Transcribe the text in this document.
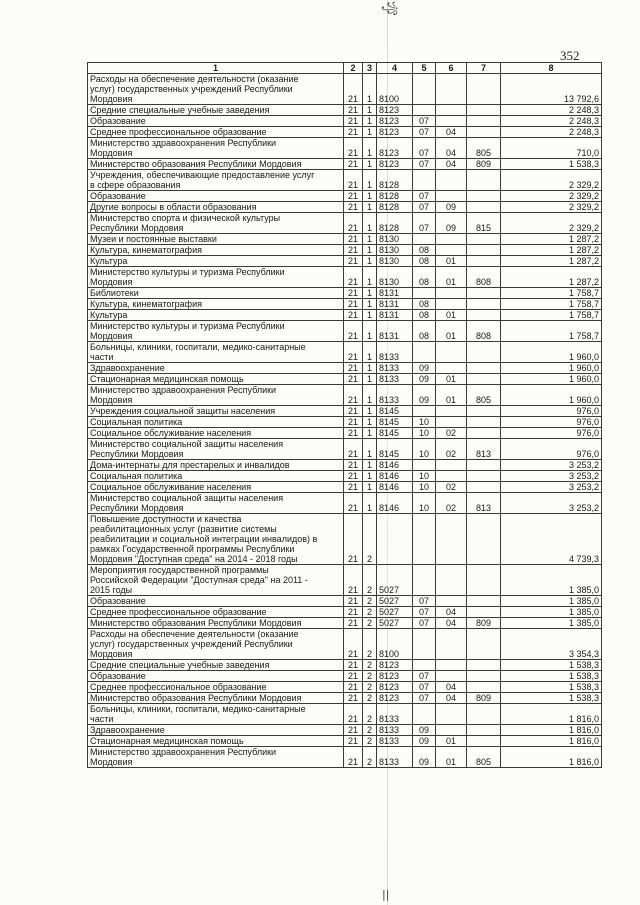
꧁
352
1	2	3	4	5	6	7	8
Расходы на обеспечение деятельности (оказание
услуг) государственных учреждений Республики
Мордовия	21	1	8100				13 792,6
Средние специальные учебные заведения	21	1	8123				2 248,3
Образование	21	1	8123	07			2 248,3
Среднее профессиональное образование	21	1	8123	07	04		2 248,3
Министерство здравоохранения Республики
Мордовия	21	1	8123	07	04	805	710,0
Министерство образования Республики Мордовия	21	1	8123	07	04	809	1 538,3
Учреждения, обеспечивающие предоставление услуг
в сфере образования	21	1	8128				2 329,2
Образование	21	1	8128	07			2 329,2
Другие вопросы в области образования	21	1	8128	07	09		2 329,2
Министерство спорта и физической культуры
Республики Мордовия	21	1	8128	07	09	815	2 329,2
Музеи и постоянные выставки	21	1	8130				1 287,2
Культура, кинематография	21	1	8130	08			1 287,2
Культура	21	1	8130	08	01		1 287,2
Министерство культуры и туризма Республики
Мордовия	21	1	8130	08	01	808	1 287,2
Библиотеки	21	1	8131				1 758,7
Культура, кинематография	21	1	8131	08			1 758,7
Культура	21	1	8131	08	01		1 758,7
Министерство культуры и туризма Республики
Мордовия	21	1	8131	08	01	808	1 758,7
Больницы, клиники, госпитали, медико-санитарные
части	21	1	8133				1 960,0
Здравоохранение	21	1	8133	09			1 960,0
Стационарная медицинская помощь	21	1	8133	09	01		1 960,0
Министерство здравоохранения Республики
Мордовия	21	1	8133	09	01	805	1 960,0
Учреждения социальной защиты населения	21	1	8145				976,0
Социальная политика	21	1	8145	10			976,0
Социальное обслуживание населения	21	1	8145	10	02		976,0
Министерство социальной защиты населения
Республики Мордовия	21	1	8145	10	02	813	976,0
Дома-интернаты для престарелых и инвалидов	21	1	8146				3 253,2
Социальная политика	21	1	8146	10			3 253,2
Социальное обслуживание населения	21	1	8146	10	02		3 253,2
Министерство социальной защиты населения
Республики Мордовия	21	1	8146	10	02	813	3 253,2
Повышение доступности и качества
реабилитационных услуг (развитие системы
реабилитации и социальной интеграции инвалидов) в
рамках Государственной программы Республики
Мордовия "Доступная среда" на 2014 - 2018 годы	21	2					4 739,3
Мероприятия государственной программы
Российской Федерации "Доступная среда" на 2011 -
2015 годы	21	2	5027				1 385,0
Образование	21	2	5027	07			1 385,0
Среднее профессиональное образование	21	2	5027	07	04		1 385,0
Министерство образования Республики Мордовия	21	2	5027	07	04	809	1 385,0
Расходы на обеспечение деятельности (оказание
услуг) государственных учреждений Республики
Мордовия	21	2	8100				3 354,3
Средние специальные учебные заведения	21	2	8123				1 538,3
Образование	21	2	8123	07			1 538,3
Среднее профессиональное образование	21	2	8123	07	04		1 538,3
Министерство образования Республики Мордовия	21	2	8123	07	04	809	1 538,3
Больницы, клиники, госпитали, медико-санитарные
части	21	2	8133				1 816,0
Здравоохранение	21	2	8133	09			1 816,0
Стационарная медицинская помощь	21	2	8133	09	01		1 816,0
Министерство здравоохранения Республики
Мордовия	21	2	8133	09	01	805	1 816,0
||
